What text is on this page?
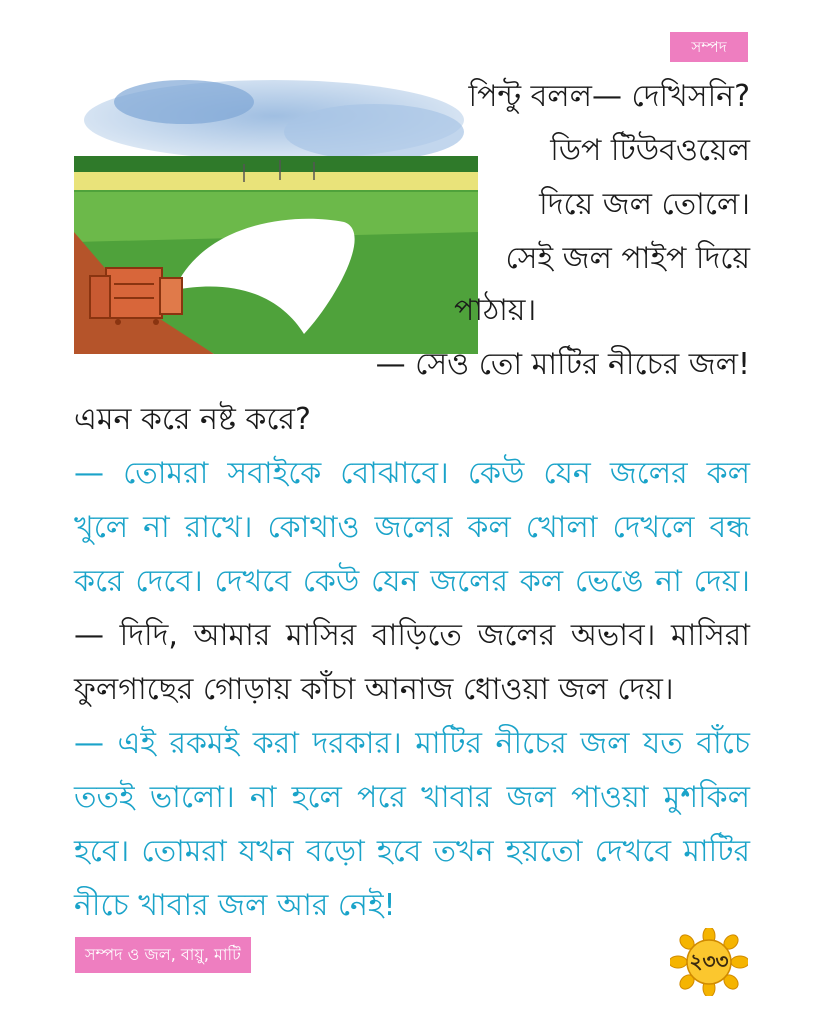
সম্পদ
পিন্টু বলল— দেখিসনি?
ডিপ টিউবওয়েল
দিয়ে জল তোলে।
সেই জল পাইপ দিয়ে
পাঠায়।
— সেও তো মাটির নীচের জল!
এমন করে নষ্ট করে?
— তোমরা সবাইকে বোঝাবে। কেউ যেন জলের কল
খুলে না রাখে। কোথাও জলের কল খোলা দেখলে বন্ধ
করে দেবে। দেখবে কেউ যেন জলের কল ভেঙে না দেয়।
— দিদি, আমার মাসির বাড়িতে জলের অভাব। মাসিরা
ফুলগাছের গোড়ায় কাঁচা আনাজ ধোওয়া জল দেয়।
— এই রকমই করা দরকার। মাটির নীচের জল যত বাঁচে
ততই ভালো। না হলে পরে খাবার জল পাওয়া মুশকিল
হবে। তোমরা যখন বড়ো হবে তখন হয়তো দেখবে মাটির
নীচে খাবার জল আর নেই!
সম্পদ ও জল, বায়ু, মাটি	২৩৩
